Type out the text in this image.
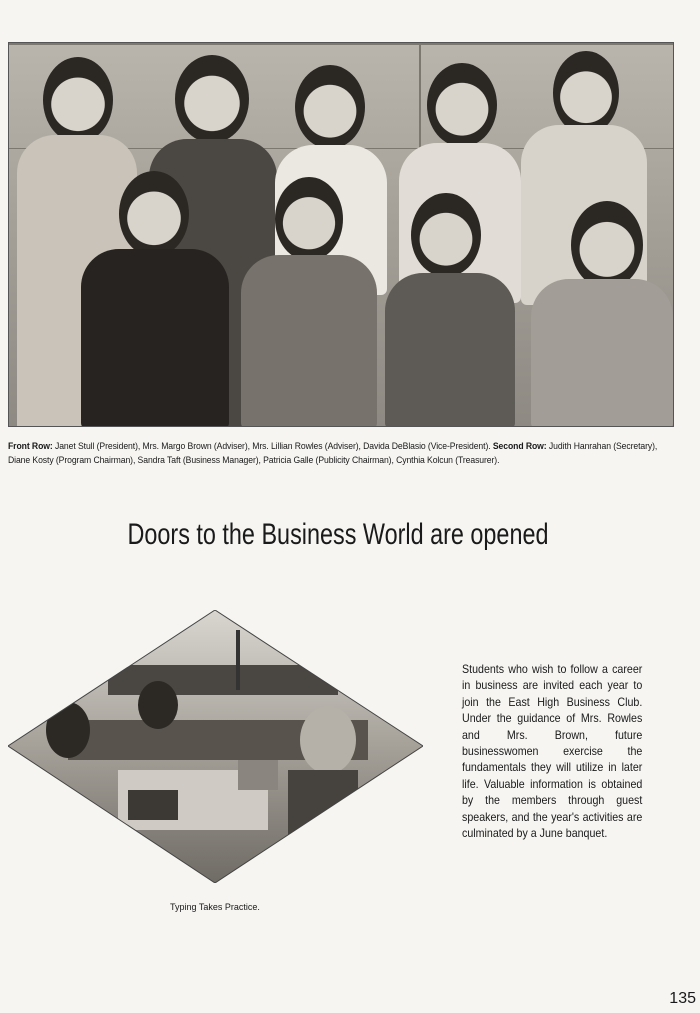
Front Row: Janet Stull (President), Mrs. Margo Brown (Adviser), Mrs. Lillian Rowles (Adviser), Davida DeBlasio (Vice-President). Second Row: Judith Hanrahan (Secretary), Diane Kosty (Program Chairman), Sandra Taft (Business Manager), Patricia Galle (Publicity Chairman), Cynthia Kolcun (Treasurer).
Doors to the Business World are opened
Students who wish to follow a career in business are invited each year to join the East High Business Club. Under the guidance of Mrs. Rowles and Mrs. Brown, future businesswomen exercise the fundamentals they will utilize in later life. Valuable information is obtained by the members through guest speakers, and the year's activities are culminated by a June banquet.
Typing Takes Practice.
135
